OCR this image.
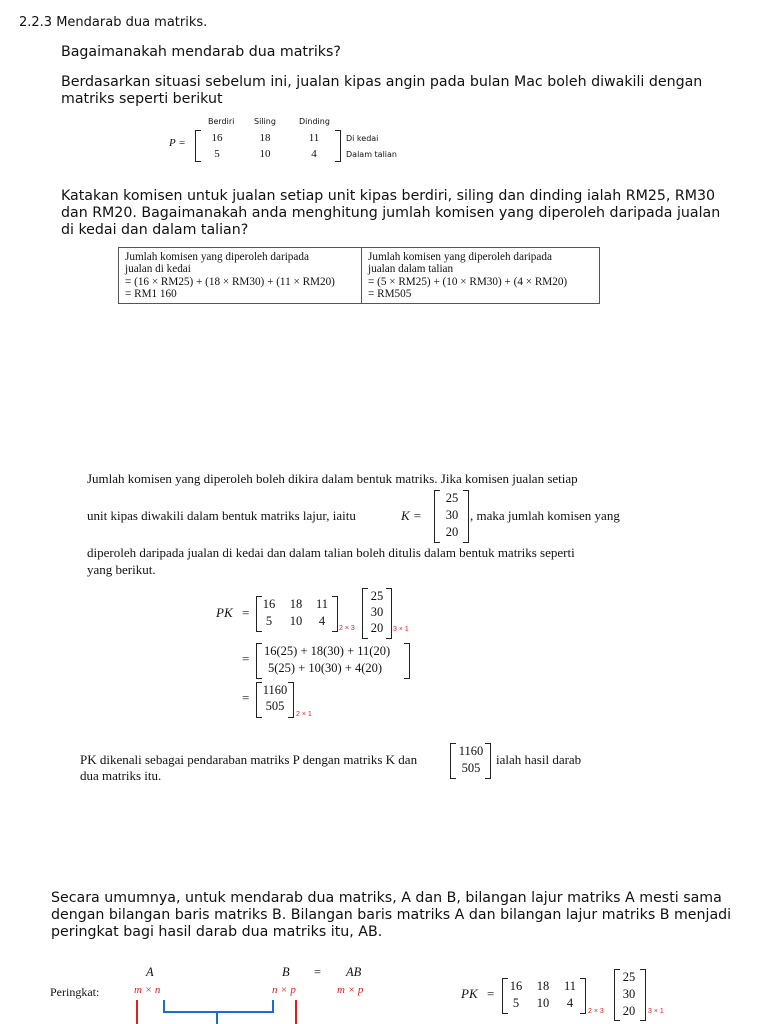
2.2.3 Mendarab dua matriks.
Bagaimanakah mendarab dua matriks?
Berdasarkan situasi sebelum ini, jualan kipas angin pada bulan Mac boleh diwakili dengan matriks seperti berikut
Berdiri Siling	Dinding
P =	16	18	11
5	10	4
Di kedai
Dalam talian
Katakan komisen untuk jualan setiap unit kipas berdiri, siling dan dinding ialah RM25, RM30 dan RM20. Bagaimanakah anda menghitung jumlah komisen yang diperoleh daripada jualan di kedai dan dalam talian?
Jumlah komisen yang diperoleh daripada
jualan di kedai
= (16 × RM25) + (18 × RM30) + (11 × RM20)
= RM1 160

Jumlah komisen yang diperoleh daripada
jualan dalam talian
= (5 × RM25) + (10 × RM30) + (4 × RM20)
= RM505
Jumlah komisen yang diperoleh boleh dikira dalam bentuk matriks. Jika komisen jualan setiap
unit kipas diwakili dalam bentuk matriks lajur, iaitu	K =
25
30
20
, maka jumlah komisen yang
diperoleh daripada jualan di kedai dan dalam talian boleh ditulis dalam bentuk matriks seperti
yang berikut.
PK =
16	18	11
5	10	4
2 × 3
25
30
20	3 × 1
= 16(25) + 18(30) + 11(20)
5(25) + 10(30) + 4(20)
= 1160
505
2 × 1
PK dikenali sebagai pendaraban matriks P dengan matriks K dan
1160
505
ialah hasil darab
dua matriks itu.
Secara umumnya, untuk mendarab dua matriks, A dan B, bilangan lajur matriks A mesti sama dengan bilangan baris matriks B. Bilangan baris matriks A dan bilangan lajur matriks B menjadi peringkat bagi hasil darab dua matriks itu, AB.
Peringkat:
A
m × n
B
n × p
= AB
m × p	PK =	16	18	11
5	10	4
2 × 3
25
30
20	3 × 1
